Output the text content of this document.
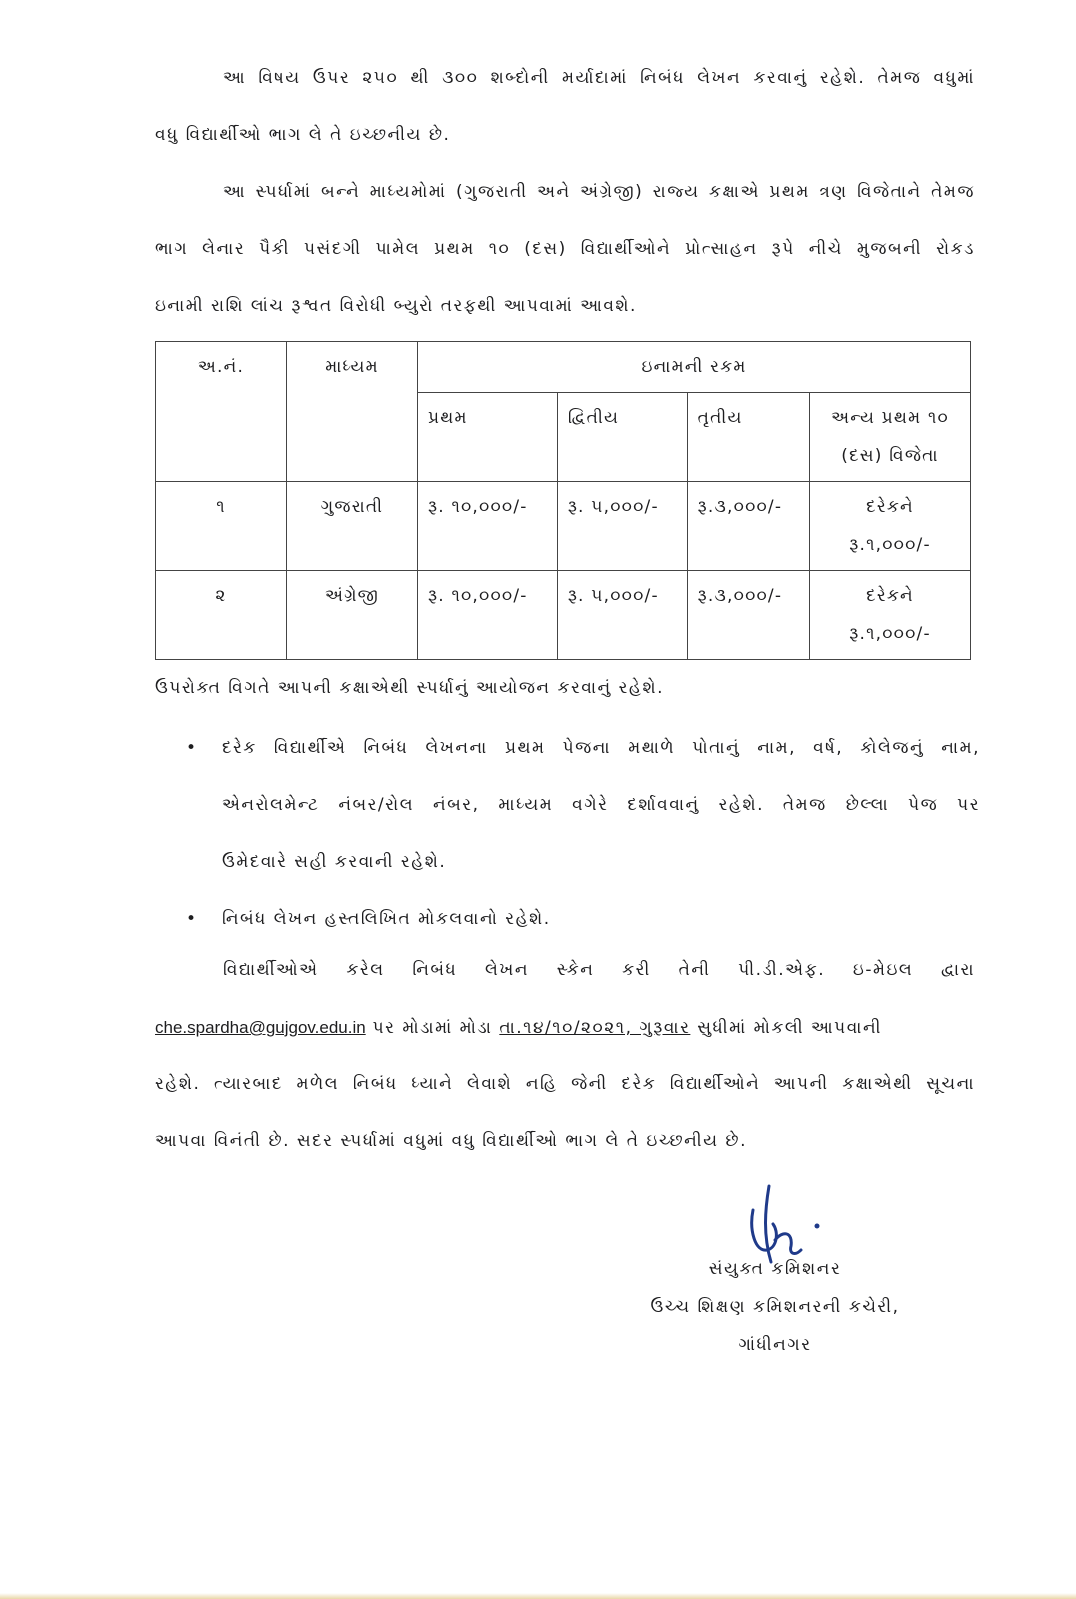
આ વિષય ઉપર ૨૫૦ થી ૩૦૦ શબ્દોની મર્યાદામાં નિબંધ લેખન કરવાનું રહેશે. તેમજ વધુમાં

વધુ વિદ્યાર્થીઓ ભાગ લે તે ઇચ્છનીય છે.

આ સ્પર્ધામાં બન્ને માધ્યમોમાં (ગુજરાતી અને અંગ્રેજી) રાજ્ય કક્ષાએ પ્રથમ ત્રણ વિજેતાને તેમજ

ભાગ લેનાર પૈકી પસંદગી પામેલ પ્રથમ ૧૦ (દસ) વિદ્યાર્થીઓને પ્રોત્સાહન રૂપે નીચે મુજબની રોકડ

ઇનામી રાશિ લાંચ રૂશ્વત વિરોધી બ્યુરો તરફથી આપવામાં આવશે.

અ.નં.	માધ્યમ	ઇનામની રકમ			
		પ્રથમ	દ્વિતીય	તૃતીય	અન્ય પ્રથમ ૧૦
(દસ) વિજેતા

૧	ગુજરાતી	રૂ. ૧૦,૦૦૦/-	રૂ. ૫,૦૦૦/-	રૂ.૩,૦૦૦/-	દરેકને
રૂ.૧,૦૦૦/-

૨	અંગ્રેજી	રૂ. ૧૦,૦૦૦/-	રૂ. ૫,૦૦૦/-	રૂ.૩,૦૦૦/-	દરેકને
રૂ.૧,૦૦૦/-

ઉપરોક્ત વિગતે આપની કક્ષાએથી સ્પર્ધાનું આયોજન કરવાનું રહેશે.

• દરેક વિદ્યાર્થીએ નિબંધ લેખનના પ્રથમ પેજના મથાળે પોતાનું નામ, વર્ષ, કોલેજનું નામ,
એનરોલમેન્ટ નંબર/રોલ નંબર, માધ્યમ વગેરે દર્શાવવાનું રહેશે. તેમજ છેલ્લા પેજ પર
ઉમેદવારે સહી કરવાની રહેશે.
• નિબંધ લેખન હસ્તલિખિત મોકલવાનો રહેશે.

વિદ્યાર્થીઓએ કરેલ નિબંધ લેખન સ્કેન કરી તેની પી.ડી.એફ. ઇ-મેઇલ દ્વારા

che.spardha@gujgov.edu.in પર મોડામાં મોડા તા.૧૪/૧૦/૨૦૨૧, ગુરૂવાર સુધીમાં મોકલી આપવાની

રહેશે. ત્યારબાદ મળેલ નિબંધ ધ્યાને લેવાશે નહિ જેની દરેક વિદ્યાર્થીઓને આપની કક્ષાએથી સૂચના

આપવા વિનંતી છે. સદર સ્પર્ધામાં વધુમાં વધુ વિદ્યાર્થીઓ ભાગ લે તે ઇચ્છનીય છે.

સંયુક્ત કમિશનર
ઉચ્ચ શિક્ષણ કમિશનરની કચેરી,
ગાંધીનગર
